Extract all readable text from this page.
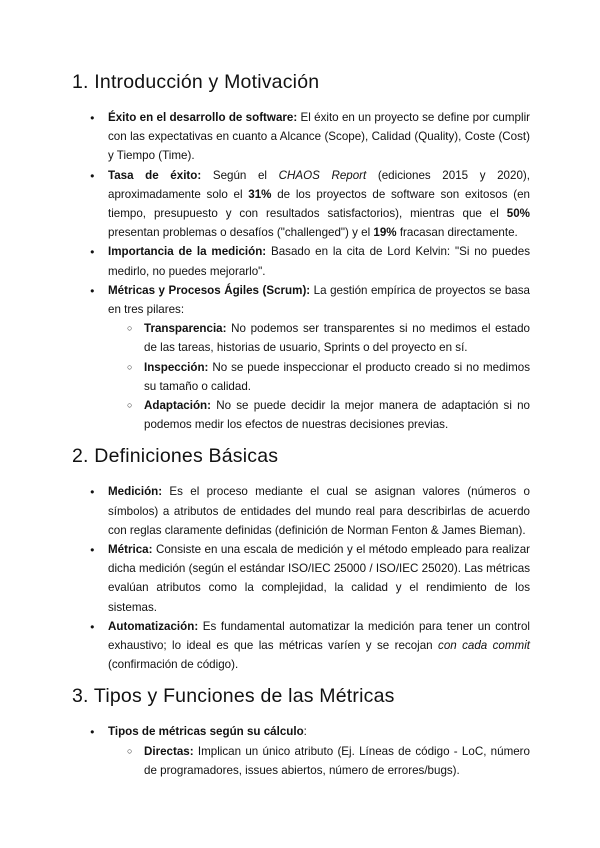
1. Introducción y Motivación
● Éxito en el desarrollo de software: El éxito en un proyecto se define por cumplir con las expectativas en cuanto a Alcance (Scope), Calidad (Quality), Coste (Cost) y Tiempo (Time).
● Tasa de éxito: Según el CHAOS Report (ediciones 2015 y 2020), aproximadamente solo el 31% de los proyectos de software son exitosos (en tiempo, presupuesto y con resultados satisfactorios), mientras que el 50% presentan problemas o desafíos ("challenged") y el 19% fracasan directamente.
● Importancia de la medición: Basado en la cita de Lord Kelvin: "Si no puedes medirlo, no puedes mejorarlo".
● Métricas y Procesos Ágiles (Scrum): La gestión empírica de proyectos se basa en tres pilares:
○ Transparencia: No podemos ser transparentes si no medimos el estado de las tareas, historias de usuario, Sprints o del proyecto en sí.
○ Inspección: No se puede inspeccionar el producto creado si no medimos su tamaño o calidad.
○ Adaptación: No se puede decidir la mejor manera de adaptación si no podemos medir los efectos de nuestras decisiones previas.
2. Definiciones Básicas
● Medición: Es el proceso mediante el cual se asignan valores (números o símbolos) a atributos de entidades del mundo real para describirlas de acuerdo con reglas claramente definidas (definición de Norman Fenton & James Bieman).
● Métrica: Consiste en una escala de medición y el método empleado para realizar dicha medición (según el estándar ISO/IEC 25000 / ISO/IEC 25020). Las métricas evalúan atributos como la complejidad, la calidad y el rendimiento de los sistemas.
● Automatización: Es fundamental automatizar la medición para tener un control exhaustivo; lo ideal es que las métricas varíen y se recojan con cada commit (confirmación de código).
3. Tipos y Funciones de las Métricas
● Tipos de métricas según su cálculo:
○ Directas: Implican un único atributo (Ej. Líneas de código - LoC, número de programadores, issues abiertos, número de errores/bugs).
